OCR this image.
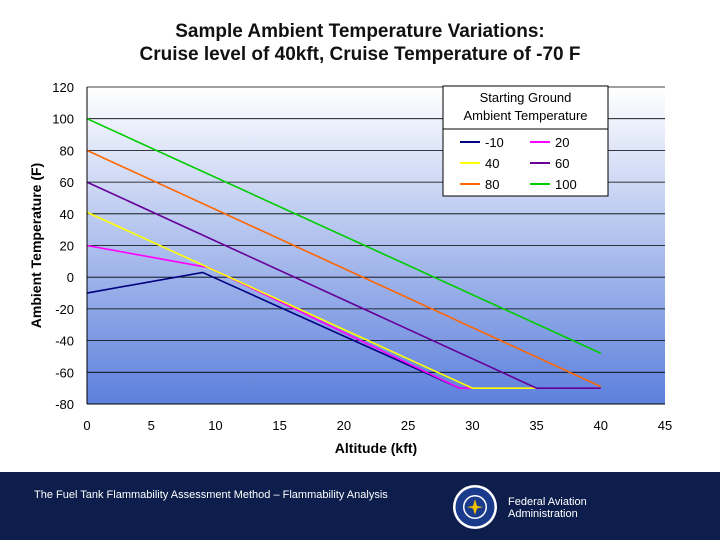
Sample Ambient Temperature Variations:
Cruise level of 40kft, Cruise Temperature of -70 F
120
100
80
60
40
20
0
-20
-40
-60
-80
0	5	10	15	20	25	30	35	40	45
Altitude (kft)
Ambient Temperature (F)
Starting Ground
Ambient Temperature
-10	20
40	60
80	100
The Fuel Tank Flammability Assessment Method – Flammability Analysis
Federal Aviation
Administration
